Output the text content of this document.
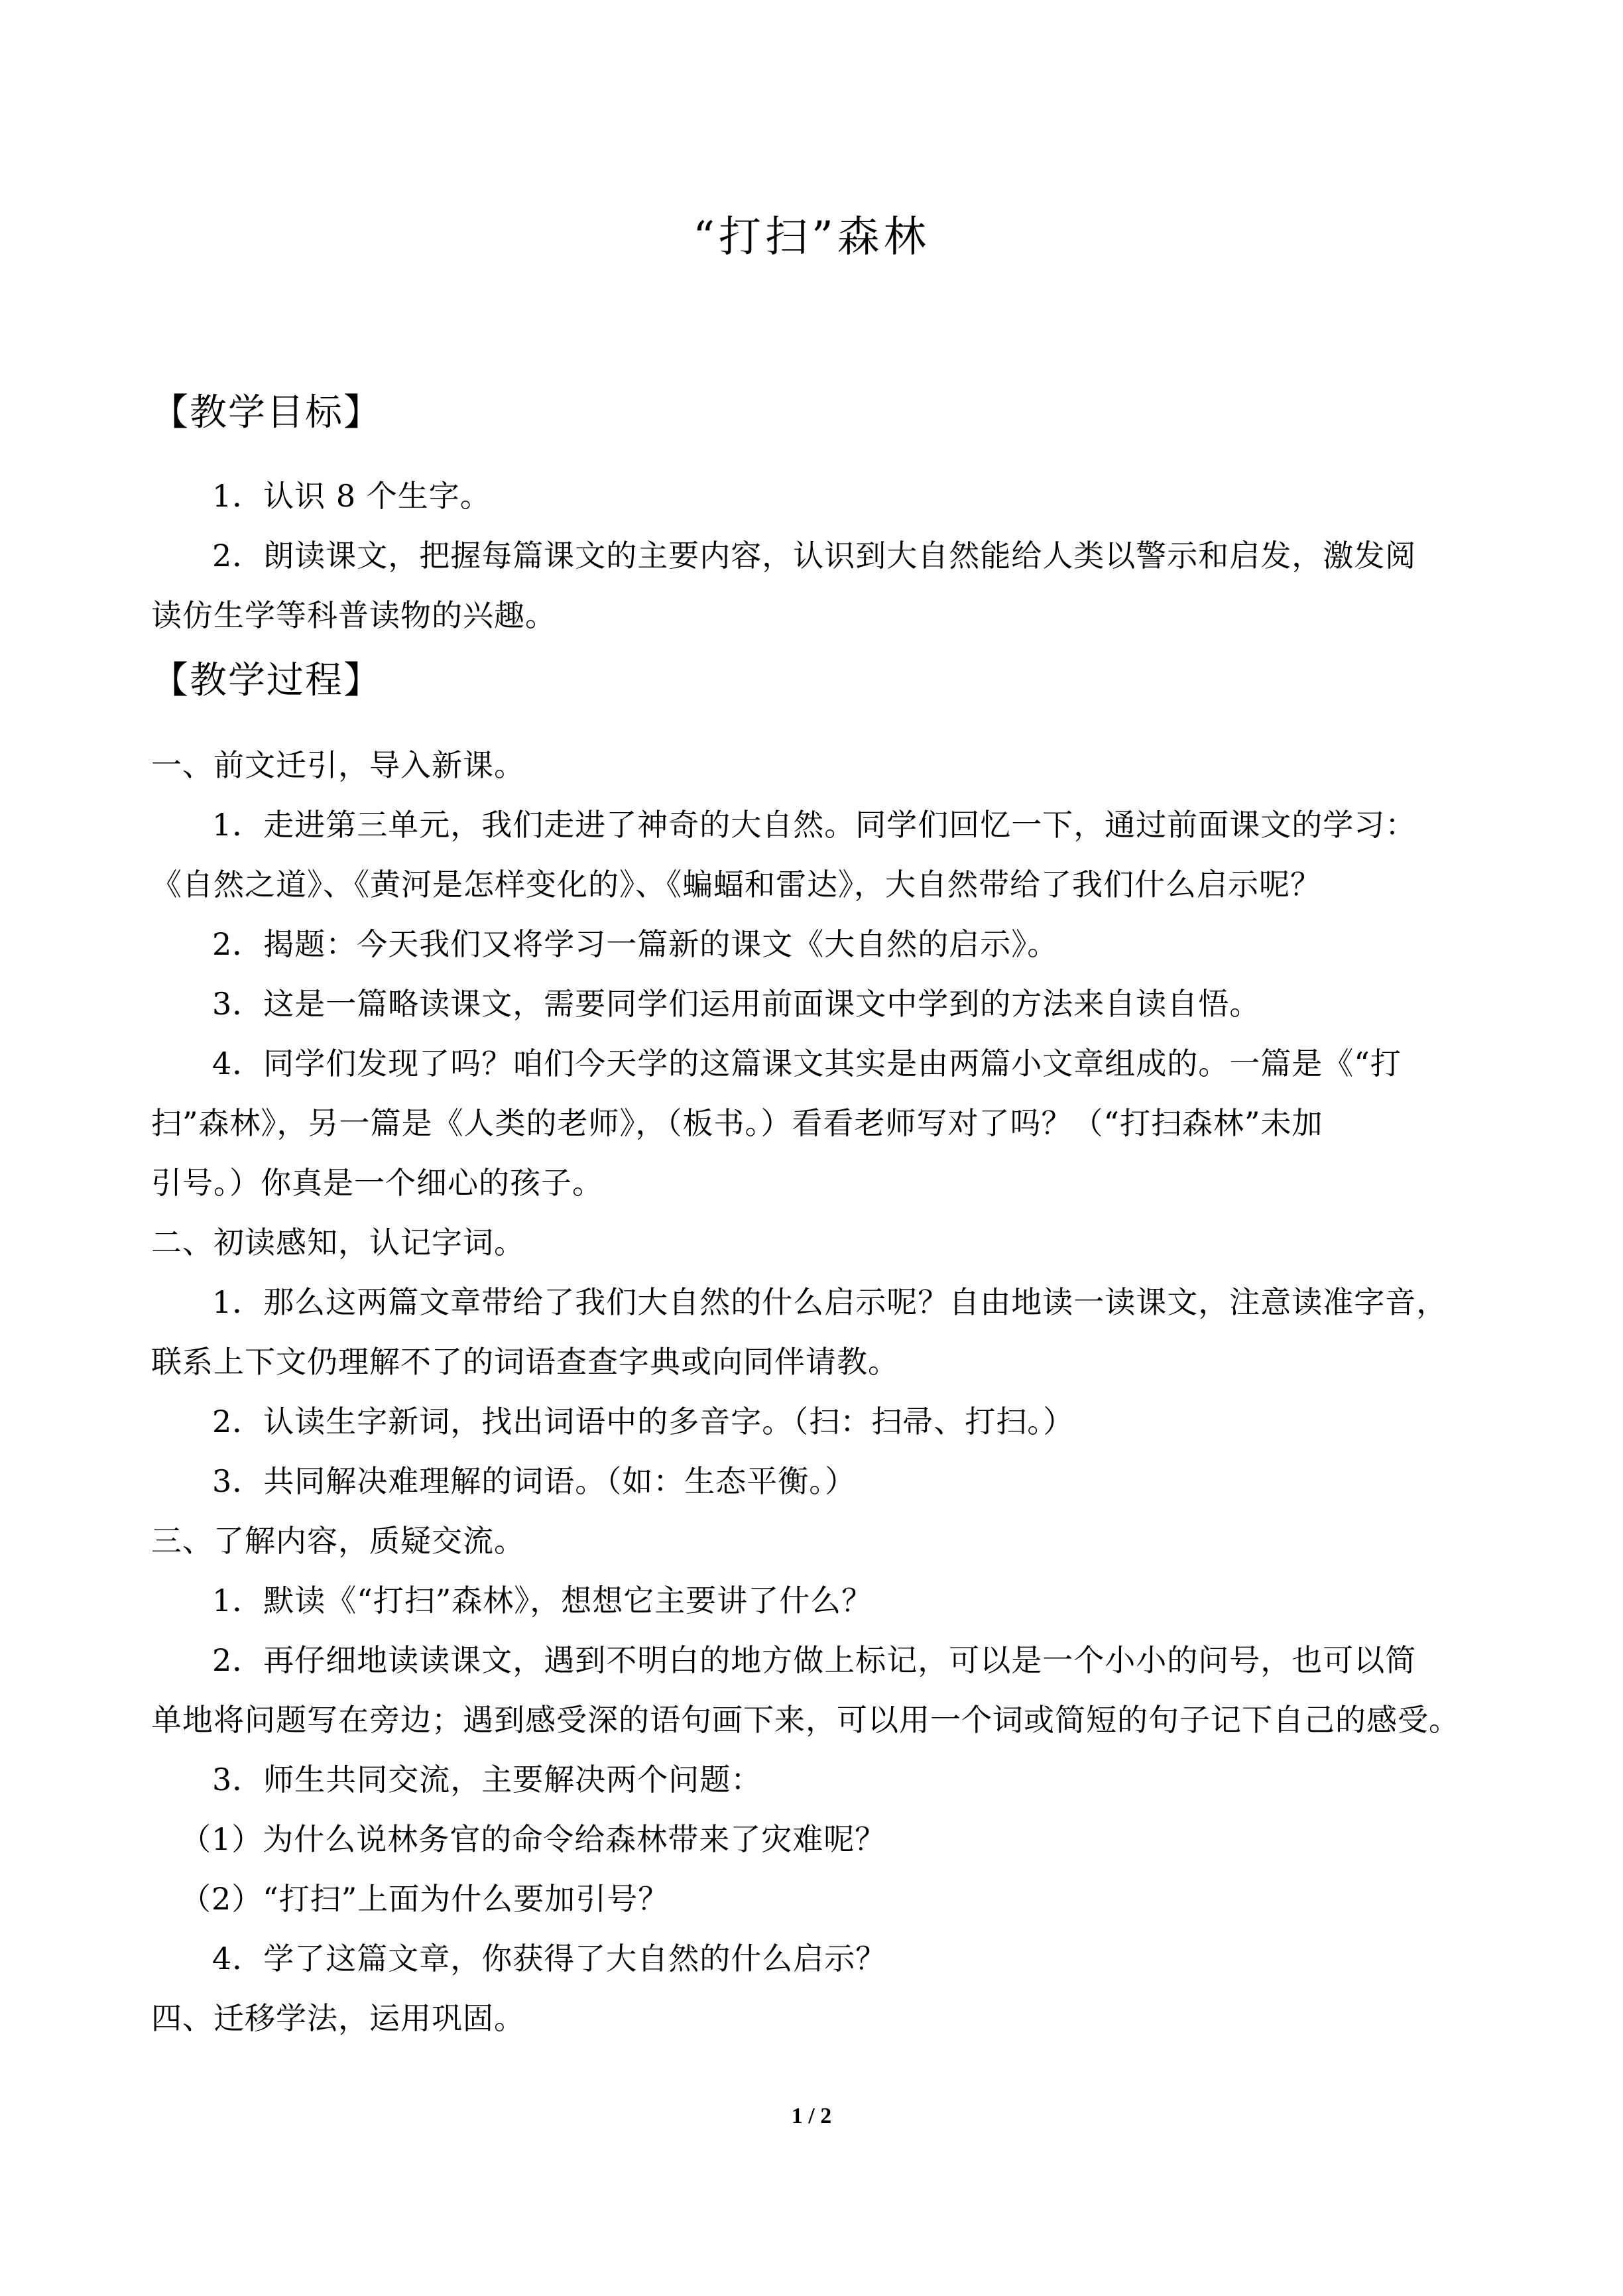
“打扫”森林
【教学目标】
1．认识 8 个生字。
2．朗读课文，把握每篇课文的主要内容，认识到大自然能给人类以警示和启发，激发阅
读仿生学等科普读物的兴趣。
【教学过程】
一、前文迁引，导入新课。
1．走进第三单元，我们走进了神奇的大自然。同学们回忆一下，通过前面课文的学习：
《自然之道》、《黄河是怎样变化的》、《蝙蝠和雷达》，大自然带给了我们什么启示呢？
2．揭题：今天我们又将学习一篇新的课文《大自然的启示》。
3．这是一篇略读课文，需要同学们运用前面课文中学到的方法来自读自悟。
4．同学们发现了吗？咱们今天学的这篇课文其实是由两篇小文章组成的。一篇是《“打
扫”森林》，另一篇是《人类的老师》，（板书。）看看老师写对了吗？（“打扫森林”未加
引号。）你真是一个细心的孩子。
二、初读感知，认记字词。
1．那么这两篇文章带给了我们大自然的什么启示呢？自由地读一读课文，注意读准字音，
联系上下文仍理解不了的词语查查字典或向同伴请教。
2．认读生字新词，找出词语中的多音字。（扫：扫帚、打扫。）
3．共同解决难理解的词语。（如：生态平衡。）
三、了解内容，质疑交流。
1．默读《“打扫”森林》，想想它主要讲了什么？
2．再仔细地读读课文，遇到不明白的地方做上标记，可以是一个小小的问号，也可以简
单地将问题写在旁边；遇到感受深的语句画下来，可以用一个词或简短的句子记下自己的感受。
3．师生共同交流，主要解决两个问题：
（1）为什么说林务官的命令给森林带来了灾难呢？
（2）“打扫”上面为什么要加引号？
4．学了这篇文章，你获得了大自然的什么启示？
四、迁移学法，运用巩固。
1 / 2
